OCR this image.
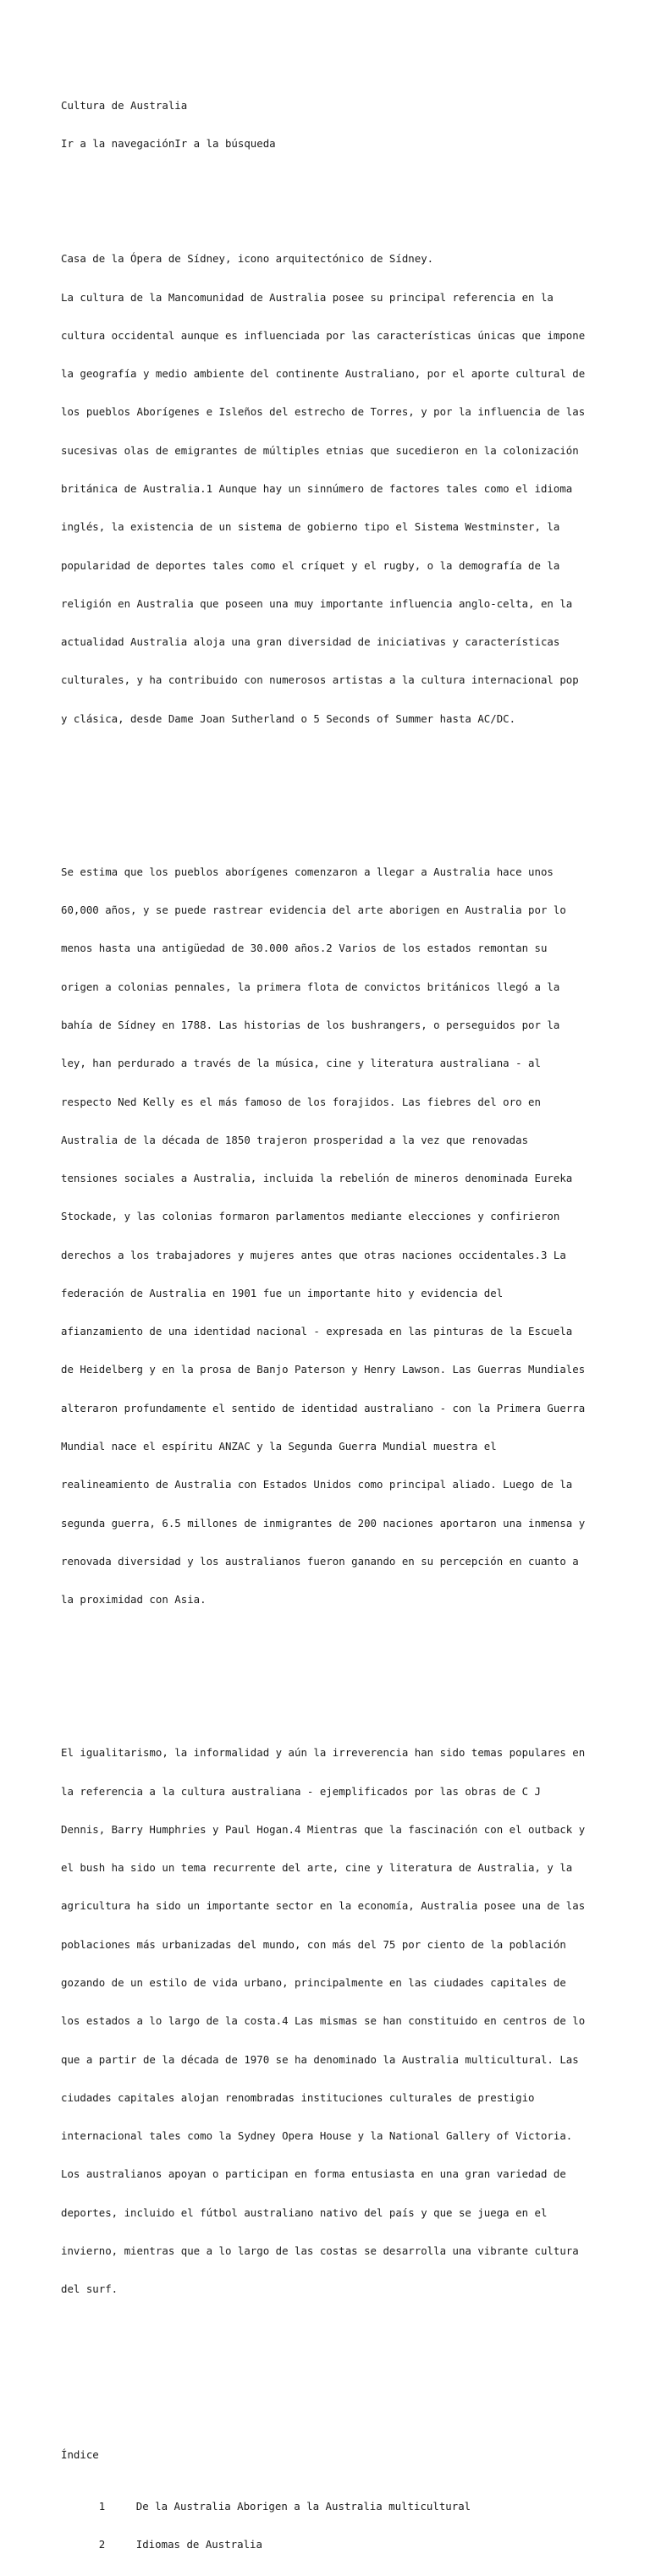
Cultura de Australia

Ir a la navegaciónIr a la búsqueda

Casa de la Ópera de Sídney, icono arquitectónico de Sídney.

La cultura de la Mancomunidad de Australia posee su principal referencia en la

cultura occidental aunque es influenciada por las características únicas que impone

la geografía y medio ambiente del continente Australiano, por el aporte cultural de

los pueblos Aborígenes e Isleños del estrecho de Torres, y por la influencia de las

sucesivas olas de emigrantes de múltiples etnias que sucedieron en la colonización

británica de Australia.1 Aunque hay un sinnúmero de factores tales como el idioma

inglés, la existencia de un sistema de gobierno tipo el Sistema Westminster, la

popularidad de deportes tales como el críquet y el rugby, o la demografía de la

religión en Australia que poseen una muy importante influencia anglo-celta, en la

actualidad Australia aloja una gran diversidad de iniciativas y características

culturales, y ha contribuido con numerosos artistas a la cultura internacional pop

y clásica, desde Dame Joan Sutherland o 5 Seconds of Summer hasta AC/DC.

Se estima que los pueblos aborígenes comenzaron a llegar a Australia hace unos

60,000 años, y se puede rastrear evidencia del arte aborigen en Australia por lo

menos hasta una antigüedad de 30.000 años.2 Varios de los estados remontan su

origen a colonias pennales, la primera flota de convictos británicos llegó a la

bahía de Sídney en 1788. Las historias de los bushrangers, o perseguidos por la

ley, han perdurado a través de la música, cine y literatura australiana - al

respecto Ned Kelly es el más famoso de los forajidos. Las fiebres del oro en

Australia de la década de 1850 trajeron prosperidad a la vez que renovadas

tensiones sociales a Australia, incluida la rebelión de mineros denominada Eureka

Stockade, y las colonias formaron parlamentos mediante elecciones y confirieron

derechos a los trabajadores y mujeres antes que otras naciones occidentales.3 La

federación de Australia en 1901 fue un importante hito y evidencia del

afianzamiento de una identidad nacional - expresada en las pinturas de la Escuela

de Heidelberg y en la prosa de Banjo Paterson y Henry Lawson. Las Guerras Mundiales

alteraron profundamente el sentido de identidad australiano - con la Primera Guerra

Mundial nace el espíritu ANZAC y la Segunda Guerra Mundial muestra el

realineamiento de Australia con Estados Unidos como principal aliado. Luego de la

segunda guerra, 6.5 millones de inmigrantes de 200 naciones aportaron una inmensa y

renovada diversidad y los australianos fueron ganando en su percepción en cuanto a

la proximidad con Asia.

El igualitarismo, la informalidad y aún la irreverencia han sido temas populares en

la referencia a la cultura australiana - ejemplificados por las obras de C J

Dennis, Barry Humphries y Paul Hogan.4 Mientras que la fascinación con el outback y

el bush ha sido un tema recurrente del arte, cine y literatura de Australia, y la

agricultura ha sido un importante sector en la economía, Australia posee una de las

poblaciones más urbanizadas del mundo, con más del 75 por ciento de la población

gozando de un estilo de vida urbano, principalmente en las ciudades capitales de

los estados a lo largo de la costa.4 Las mismas se han constituido en centros de lo

que a partir de la década de 1970 se ha denominado la Australia multicultural. Las

ciudades capitales alojan renombradas instituciones culturales de prestigio

internacional tales como la Sydney Opera House y la National Gallery of Victoria.

Los australianos apoyan o participan en forma entusiasta en una gran variedad de

deportes, incluido el fútbol australiano nativo del país y que se juega en el

invierno, mientras que a lo largo de las costas se desarrolla una vibrante cultura

del surf.

Índice

1	De la Australia Aborigen a la Australia multicultural

2	Idiomas de Australia
